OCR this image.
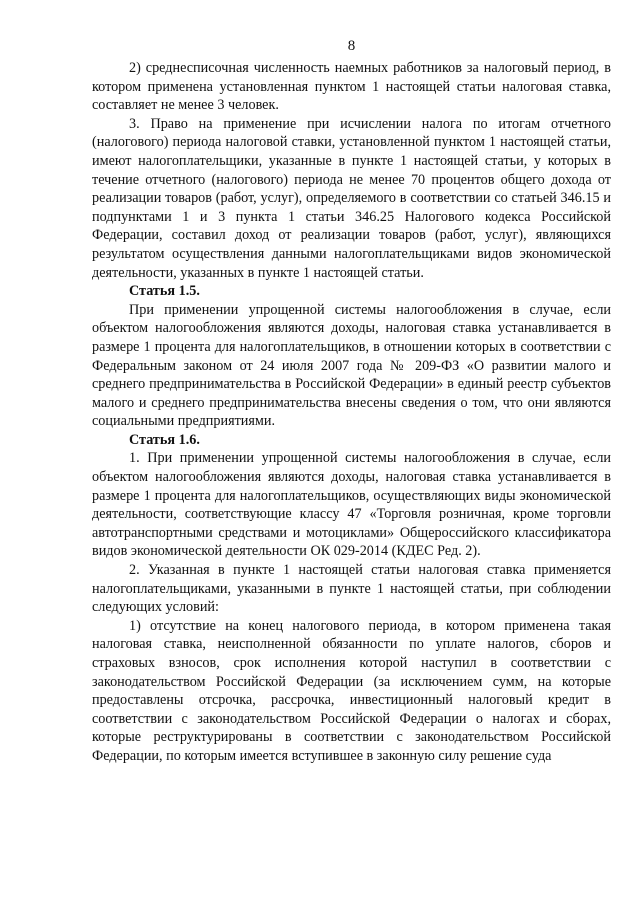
8

2) среднесписочная численность наемных работников за налоговый период, в котором применена установленная пунктом 1 настоящей статьи налоговая ставка, составляет не менее 3 человек.

3. Право на применение при исчислении налога по итогам отчетного (налогового) периода налоговой ставки, установленной пунктом 1 настоящей статьи, имеют налогоплательщики, указанные в пункте 1 настоящей статьи, у которых в течение отчетного (налогового) периода не менее 70 процентов общего дохода от реализации товаров (работ, услуг), определяемого в соответствии со статьей 346.15 и подпунктами 1 и 3 пункта 1 статьи 346.25 Налогового кодекса Российской Федерации, составил доход от реализации товаров (работ, услуг), являющихся результатом осуществления данными налогоплательщиками видов экономической деятельности, указанных в пункте 1 настоящей статьи.

Статья 1.5.

При применении упрощенной системы налогообложения в случае, если объектом налогообложения являются доходы, налоговая ставка устанавливается в размере 1 процента для налогоплательщиков, в отношении которых в соответствии с Федеральным законом от 24 июля 2007 года № 209-ФЗ «О развитии малого и среднего предпринимательства в Российской Федерации» в единый реестр субъектов малого и среднего предпринимательства внесены сведения о том, что они являются социальными предприятиями.

Статья 1.6.

1. При применении упрощенной системы налогообложения в случае, если объектом налогообложения являются доходы, налоговая ставка устанавливается в размере 1 процента для налогоплательщиков, осуществляющих виды экономической деятельности, соответствующие классу 47 «Торговля розничная, кроме торговли автотранспортными средствами и мотоциклами» Общероссийского классификатора видов экономической деятельности ОК 029-2014 (КДЕС Ред. 2).

2. Указанная в пункте 1 настоящей статьи налоговая ставка применяется налогоплательщиками, указанными в пункте 1 настоящей статьи, при соблюдении следующих условий:

1) отсутствие на конец налогового периода, в котором применена такая налоговая ставка, неисполненной обязанности по уплате налогов, сборов и страховых взносов, срок исполнения которой наступил в соответствии с законодательством Российской Федерации (за исключением сумм, на которые предоставлены отсрочка, рассрочка, инвестиционный налоговый кредит в соответствии с законодательством Российской Федерации о налогах и сборах, которые реструктурированы в соответствии с законодательством Российской Федерации, по которым имеется вступившее в законную силу решение суда
